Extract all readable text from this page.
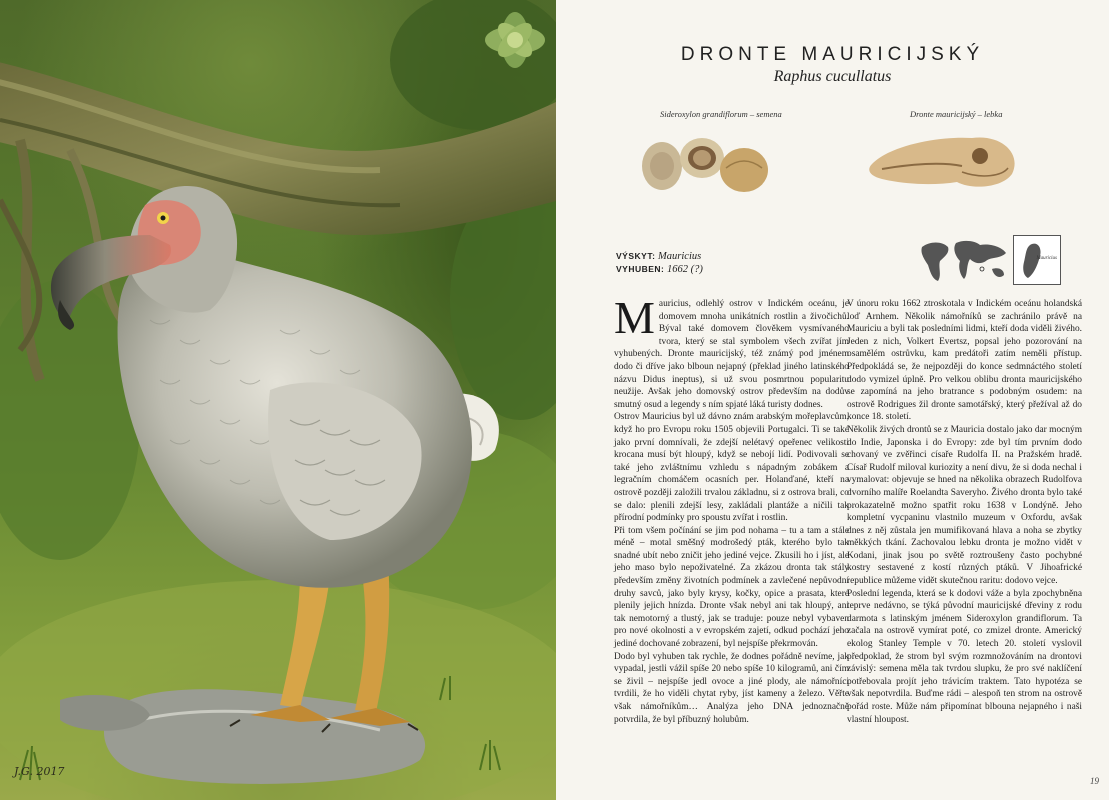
J.G. 2017
DRONTE MAURICIJSKÝ
Raphus cucullatus
Sideroxylon grandiflorum – semena	Dronte mauricijský – lebka
VÝSKYT: Mauricius
VYHUBEN: 1662 (?)
Mauricius

Mauricius, odlehlý ostrov v Indickém oceánu, je domovem mnoha unikátních rostlin a živočichů. Býval také domovem člověkem vysmívaného tvora, který se stal symbolem všech zvířat jím vyhubených. Dronte mauricijský, též známý pod jménem dodo či dříve jako blboun nejapný (překlad jiného latinského názvu Didus ineptus), si už svou posmrtnou popularitu neužije. Avšak jeho domovský ostrov především na dodův smutný osud a legendy s ním spjaté láká turisty dodnes.

Ostrov Mauricius byl už dávno znám arabským mořeplavcům, když ho pro Evropu roku 1505 objevili Portugalci. Ti se také jako první domnívali, že zdejší nelétavý opeřenec velikosti krocana musí být hloupý, když se nebojí lidí. Podivovali se také jeho zvláštnímu vzhledu s nápadným zobákem a legračním chomáčem ocasních per. Holanďané, kteří na ostrově později založili trvalou základnu, si z ostrova brali, co se dalo: plenili zdejší lesy, zakládali plantáže a ničili tak přírodní podmínky pro spoustu zvířat i rostlin.

Při tom všem počínání se jim pod nohama – tu a tam a stále méně – motal směšný modrošedý pták, kterého bylo tak snadné ubít nebo zničit jeho jediné vejce. Zkusili ho i jíst, ale jeho maso bylo nepoživatelné. Za zkázou dronta tak stály především změny životních podmínek a zavlečené nepůvodní druhy savců, jako byly krysy, kočky, opice a prasata, které plenily jejich hnízda. Dronte však nebyl ani tak hloupý, ani tak nemotorný a tlustý, jak se traduje: pouze nebyl vybaven pro nové okolnosti a v evropském zajetí, odkud pochází jeho jediné dochované zobrazení, byl nejspíše překrmován.

Dodo byl vyhuben tak rychle, že dodnes pořádně nevíme, jak vypadal, jestli vážil spíše 20 nebo spíše 10 kilogramů, ani čím se živil – nejspíše jedl ovoce a jiné plody, ale námořníci tvrdili, že ho viděli chytat ryby, jíst kameny a železo. Věřte však námořníkům… Analýza jeho DNA jednoznačně potvrdila, že byl příbuzný holubům.

V únoru roku 1662 ztroskotala v Indickém oceánu holandská loď Arnhem. Několik námořníků se zachránilo právě na Mauriciu a byli tak posledními lidmi, kteří doda viděli živého. Jeden z nich, Volkert Evertsz, popsal jeho pozorování na osamělém ostrůvku, kam predátoři zatím neměli přístup. Předpokládá se, že nejpozději do konce sedmnáctého století dodo vymizel úplně. Pro velkou oblibu dronta mauricijského se zapomíná na jeho bratrance s podobným osudem: na ostrově Rodrigues žil dronte samotářský, který přežíval až do konce 18. století.

Několik živých drontů se z Mauricia dostalo jako dar mocným do Indie, Japonska i do Evropy: zde byl tím prvním dodo chovaný ve zvěřinci císaře Rudolfa II. na Pražském hradě. Císař Rudolf miloval kuriozity a není divu, že si doda nechal i vymalovat: objevuje se hned na několika obrazech Rudolfova dvorního malíře Roelandta Saveryho. Živého dronta bylo také prokazatelně možno spatřit roku 1638 v Londýně. Jeho kompletní vycpaninu vlastnilo muzeum v Oxfordu, avšak dnes z něj zůstala jen mumifikovaná hlava a noha se zbytky měkkých tkání. Zachovalou lebku dronta je možno vidět v Kodani, jinak jsou po světě roztroušeny často pochybné kostry sestavené z kostí různých ptáků. V Jihoafrické republice můžeme vidět skutečnou raritu: dodovo vejce.

Poslední legenda, která se k dodovi váže a byla zpochybněna teprve nedávno, se týká původní mauricijské dřeviny z rodu darmota s latinským jménem Sideroxylon grandiflorum. Ta začala na ostrově vymírat poté, co zmizel dronte. Americký ekolog Stanley Temple v 70. letech 20. století vyslovil předpoklad, že strom byl svým rozmnožováním na drontovi závislý: semena měla tak tvrdou slupku, že pro své naklíčení potřebovala projít jeho trávicím traktem. Tato hypotéza se však nepotvrdila. Buďme rádi – alespoň ten strom na ostrově pořád roste. Může nám připomínat blbouna nejapného i naši vlastní hloupost.

19
